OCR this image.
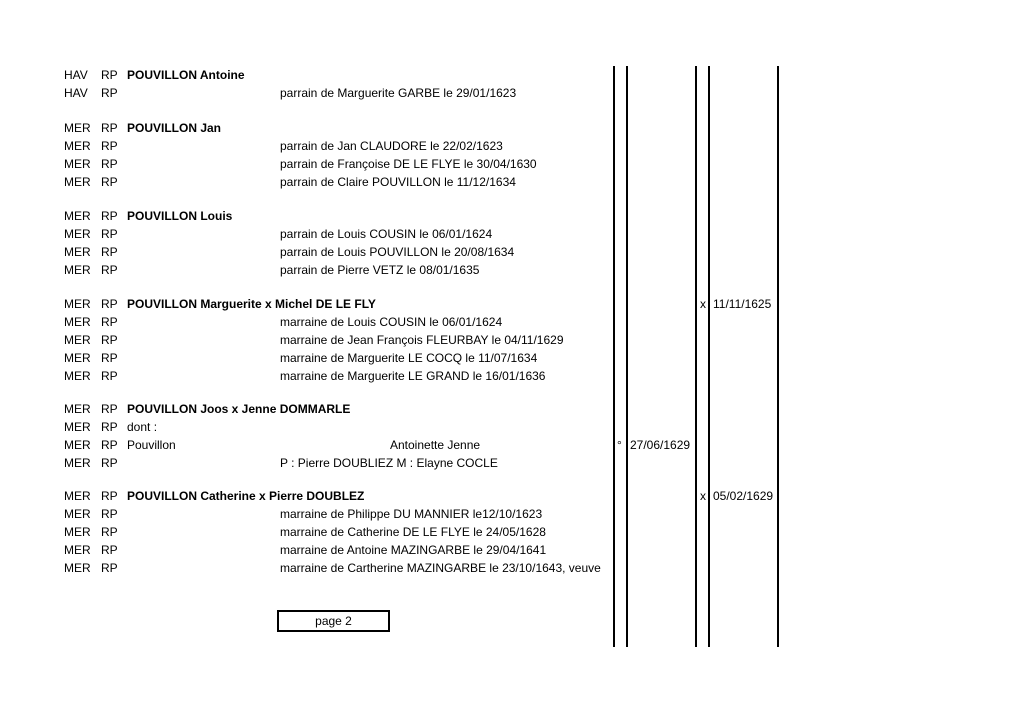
HAV RP POUVILLON Antoine
HAV RP	parrain de Marguerite GARBE le 29/01/1623
MER RP POUVILLON Jan
MER RP	parrain de Jan CLAUDORE le 22/02/1623
MER RP	parrain de Françoise DE LE FLYE le 30/04/1630
MER RP	parrain de Claire POUVILLON le 11/12/1634
MER RP POUVILLON Louis
MER RP	parrain de Louis COUSIN le 06/01/1624
MER RP	parrain de Louis POUVILLON le 20/08/1634
MER RP	parrain de Pierre VETZ le 08/01/1635
MER RP POUVILLON Marguerite x Michel DE LE FLY	x 11/11/1625
MER RP	marraine de Louis COUSIN le 06/01/1624
MER RP	marraine de Jean François FLEURBAY le 04/11/1629
MER RP	marraine de Marguerite LE COCQ le 11/07/1634
MER RP	marraine de Marguerite LE GRAND le 16/01/1636
MER RP POUVILLON Joos x Jenne DOMMARLE
MER RP dont :
MER RP Pouvillon	Antoinette Jenne	° 27/06/1629
MER RP	P : Pierre DOUBLIEZ M : Elayne COCLE
MER RP POUVILLON Catherine x Pierre DOUBLEZ	x 05/02/1629
MER RP	marraine de Philippe DU MANNIER le12/10/1623
MER RP	marraine de Catherine DE LE FLYE le 24/05/1628
MER RP	marraine de Antoine MAZINGARBE le 29/04/1641
MER RP	marraine de Cartherine MAZINGARBE le 23/10/1643, veuve
page 2
